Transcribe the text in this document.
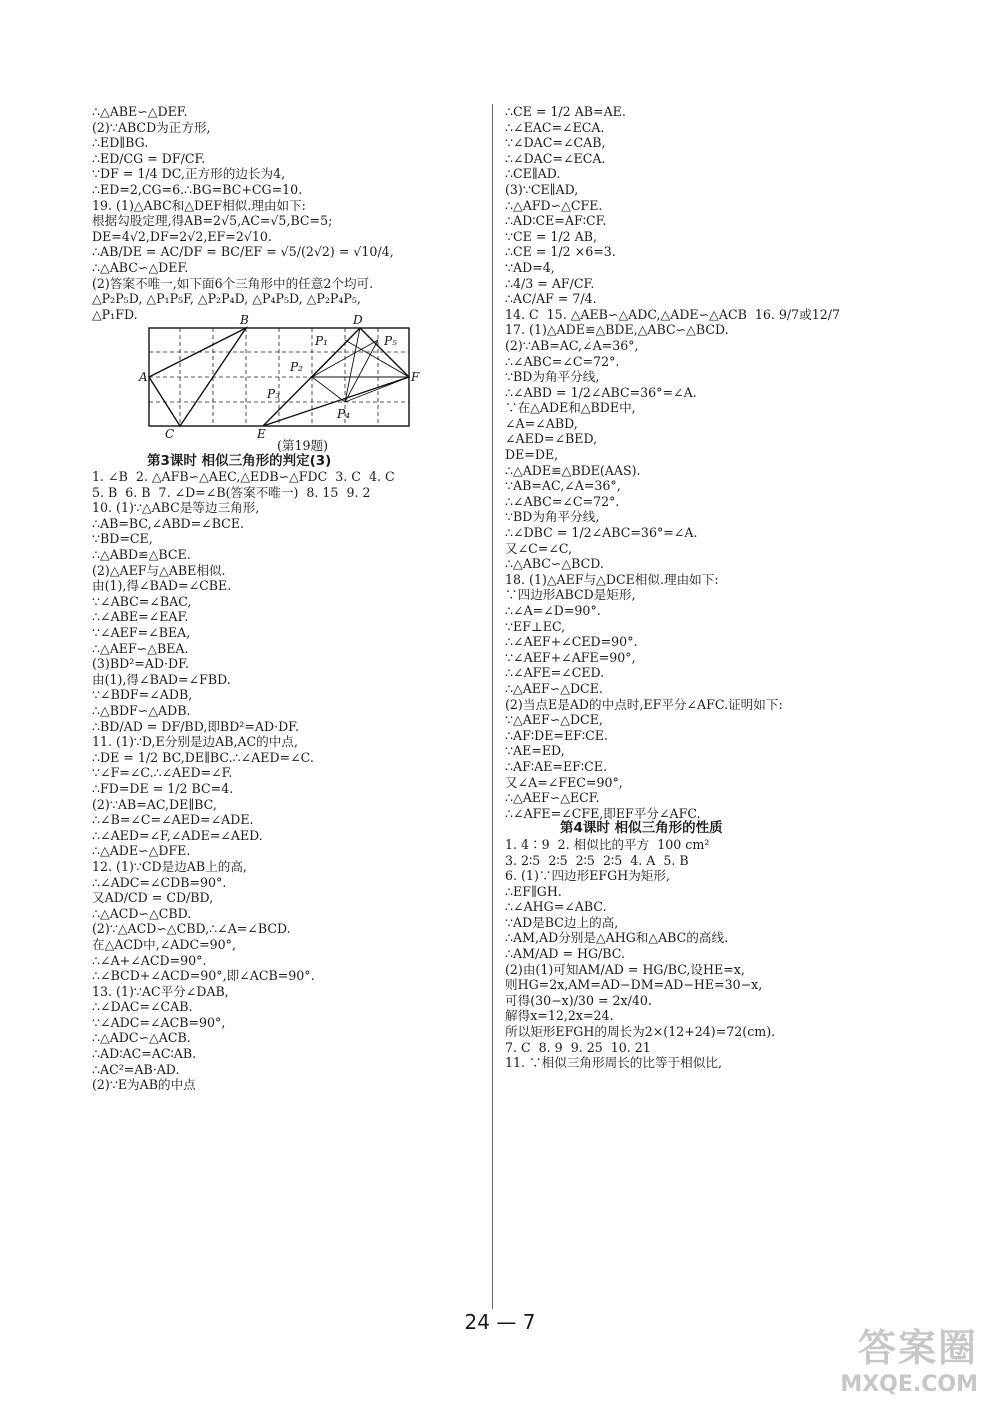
∴△ABE∽△DEF.
(2)∵ABCD为正方形,
∴ED∥BG.
∴ED/CG = DF/CF.
∵DF = 1/4 DC,正方形的边长为4,
∴ED=2,CG=6.∴BG=BC+CG=10.
19. (1)△ABC和△DEF相似.理由如下:
根据勾股定理,得AB=2√5,AC=√5,BC=5;
DE=4√2,DF=2√2,EF=2√10.
∴AB/DE = AC/DF = BC/EF = √5/(2√2) = √10/4,
∴△ABC∽△DEF.
(2)答案不唯一,如下面6个三角形中的任意2个均可.
△P₂P₅D, △P₁P₅F, △P₂P₄D, △P₄P₅D, △P₂P₄P₅,
△P₁FD.
A
B
C
D
E
F
P₁
P₂
P₃
P₄
P₅
(第19题)
第3课时 相似三角形的判定(3)
1. ∠B  2. △AFB∽△AEC,△EDB∽△FDC  3. C  4. C
5. B  6. B  7. ∠D=∠B(答案不唯一)  8. 15  9. 2
10. (1)∵△ABC是等边三角形,
∴AB=BC,∠ABD=∠BCE.
∵BD=CE,
∴△ABD≌△BCE.
(2)△AEF与△ABE相似.
由(1),得∠BAD=∠CBE.
∵∠ABC=∠BAC,
∴∠ABE=∠EAF.
∵∠AEF=∠BEA,
∴△AEF∽△BEA.
(3)BD²=AD·DF.
由(1),得∠BAD=∠FBD.
∵∠BDF=∠ADB,
∴△BDF∽△ADB.
∴BD/AD = DF/BD,即BD²=AD·DF.
11. (1)∵D,E分别是边AB,AC的中点,
∴DE = 1/2 BC,DE∥BC.∴∠AED=∠C.
∵∠F=∠C.∴∠AED=∠F.
∴FD=DE = 1/2 BC=4.
(2)∵AB=AC,DE∥BC,
∴∠B=∠C=∠AED=∠ADE.
∴∠AED=∠F,∠ADE=∠AED.
∴△ADE∽△DFE.
12. (1)∵CD是边AB上的高,
∴∠ADC=∠CDB=90°.
又AD/CD = CD/BD,
∴△ACD∽△CBD.
(2)∵△ACD∽△CBD,∴∠A=∠BCD.
在△ACD中,∠ADC=90°,
∴∠A+∠ACD=90°.
∴∠BCD+∠ACD=90°,即∠ACB=90°.
13. (1)∵AC平分∠DAB,
∴∠DAC=∠CAB.
∵∠ADC=∠ACB=90°,
∴△ADC∽△ACB.
∴AD∶AC=AC∶AB.
∴AC²=AB·AD.
(2)∵E为AB的中点
∴CE = 1/2 AB=AE.
∴∠EAC=∠ECA.
∵∠DAC=∠CAB,
∴∠DAC=∠ECA.
∴CE∥AD.
(3)∵CE∥AD,
∴△AFD∽△CFE.
∴AD∶CE=AF∶CF.
∵CE = 1/2 AB,
∴CE = 1/2 ×6=3.
∵AD=4,
∴4/3 = AF/CF.
∴AC/AF = 7/4.
14. C  15. △AEB∽△ADC,△ADE∽△ACB  16. 9/7或12/7
17. (1)△ADE≌△BDE,△ABC∽△BCD.
(2)∵AB=AC,∠A=36°,
∴∠ABC=∠C=72°.
∵BD为角平分线,
∴∠ABD = 1/2∠ABC=36°=∠A.
∵在△ADE和△BDE中,
∠A=∠ABD,
∠AED=∠BED,
DE=DE,
∴△ADE≌△BDE(AAS).
∵AB=AC,∠A=36°,
∴∠ABC=∠C=72°.
∵BD为角平分线,
∴∠DBC = 1/2∠ABC=36°=∠A.
又∠C=∠C,
∴△ABC∽△BCD.
18. (1)△AEF与△DCE相似.理由如下:
∵四边形ABCD是矩形,
∴∠A=∠D=90°.
∵EF⊥EC,
∴∠AEF+∠CED=90°.
∵∠AEF+∠AFE=90°,
∴∠AFE=∠CED.
∴△AEF∽△DCE.
(2)当点E是AD的中点时,EF平分∠AFC.证明如下:
∵△AEF∽△DCE,
∴AF∶DE=EF∶CE.
∵AE=ED,
∴AF∶AE=EF∶CE.
又∠A=∠FEC=90°,
∴△AEF∽△ECF.
∴∠AFE=∠CFE,即EF平分∠AFC.
第4课时 相似三角形的性质
1. 4∶9  2. 相似比的平方  100 cm²
3. 2∶5  2∶5  2∶5  2∶5  4. A  5. B
6. (1)∵四边形EFGH为矩形,
∴EF∥GH.
∴∠AHG=∠ABC.
∵AD是BC边上的高,
∴AM,AD分别是△AHG和△ABC的高线.
∴AM/AD = HG/BC.
(2)由(1)可知AM/AD = HG/BC,设HE=x,
则HG=2x,AM=AD−DM=AD−HE=30−x,
可得(30−x)/30 = 2x/40.
解得x=12,2x=24.
所以矩形EFGH的周长为2×(12+24)=72(cm).
7. C  8. 9  9. 25  10. 21
11. ∵相似三角形周长的比等于相似比,
24 — 7
答案圈
MXQE.COM
